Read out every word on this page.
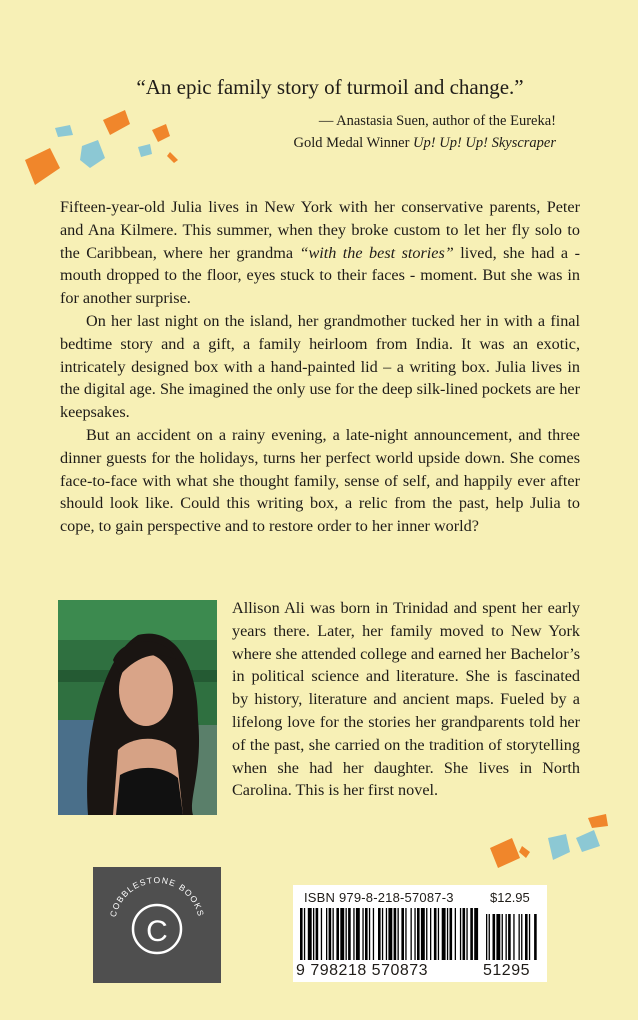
“An epic family story of turmoil and change.”
— Anastasia Suen, author of the Eureka!
Gold Medal Winner Up! Up! Up! Skyscraper

Fifteen-year-old Julia lives in New York with her conservative parents, Peter and Ana Kilmere. This summer, when they broke custom to let her fly solo to the Caribbean, where her grandma “with the best stories” lived, she had a - mouth dropped to the floor, eyes stuck to their faces - moment. But she was in for another surprise.

On her last night on the island, her grandmother tucked her in with a final bedtime story and a gift, a family heirloom from India. It was an exotic, intricately designed box with a hand-painted lid – a writing box. Julia lives in the digital age. She imagined the only use for the deep silk-lined pockets are her keepsakes.

But an accident on a rainy evening, a late-night announcement, and three dinner guests for the holidays, turns her perfect world upside down. She comes face-to-face with what she thought family, sense of self, and happily ever after should look like. Could this writing box, a relic from the past, help Julia to cope, to gain perspective and to restore order to her inner world?

Allison Ali was born in Trinidad and spent her early years there. Later, her family moved to New York where she attended college and earned her Bachelor’s in political science and literature. She is fascinated by history, literature and ancient maps. Fueled by a lifelong love for the stories her grandparents told her of the past, she carried on the tradition of storytelling when she had her daughter. She lives in North Carolina. This is her first novel.
C
COBBLESTONE BOOKS
ISBN 979-8-218-57087-3	$12.95
9 798218 570873	51295
